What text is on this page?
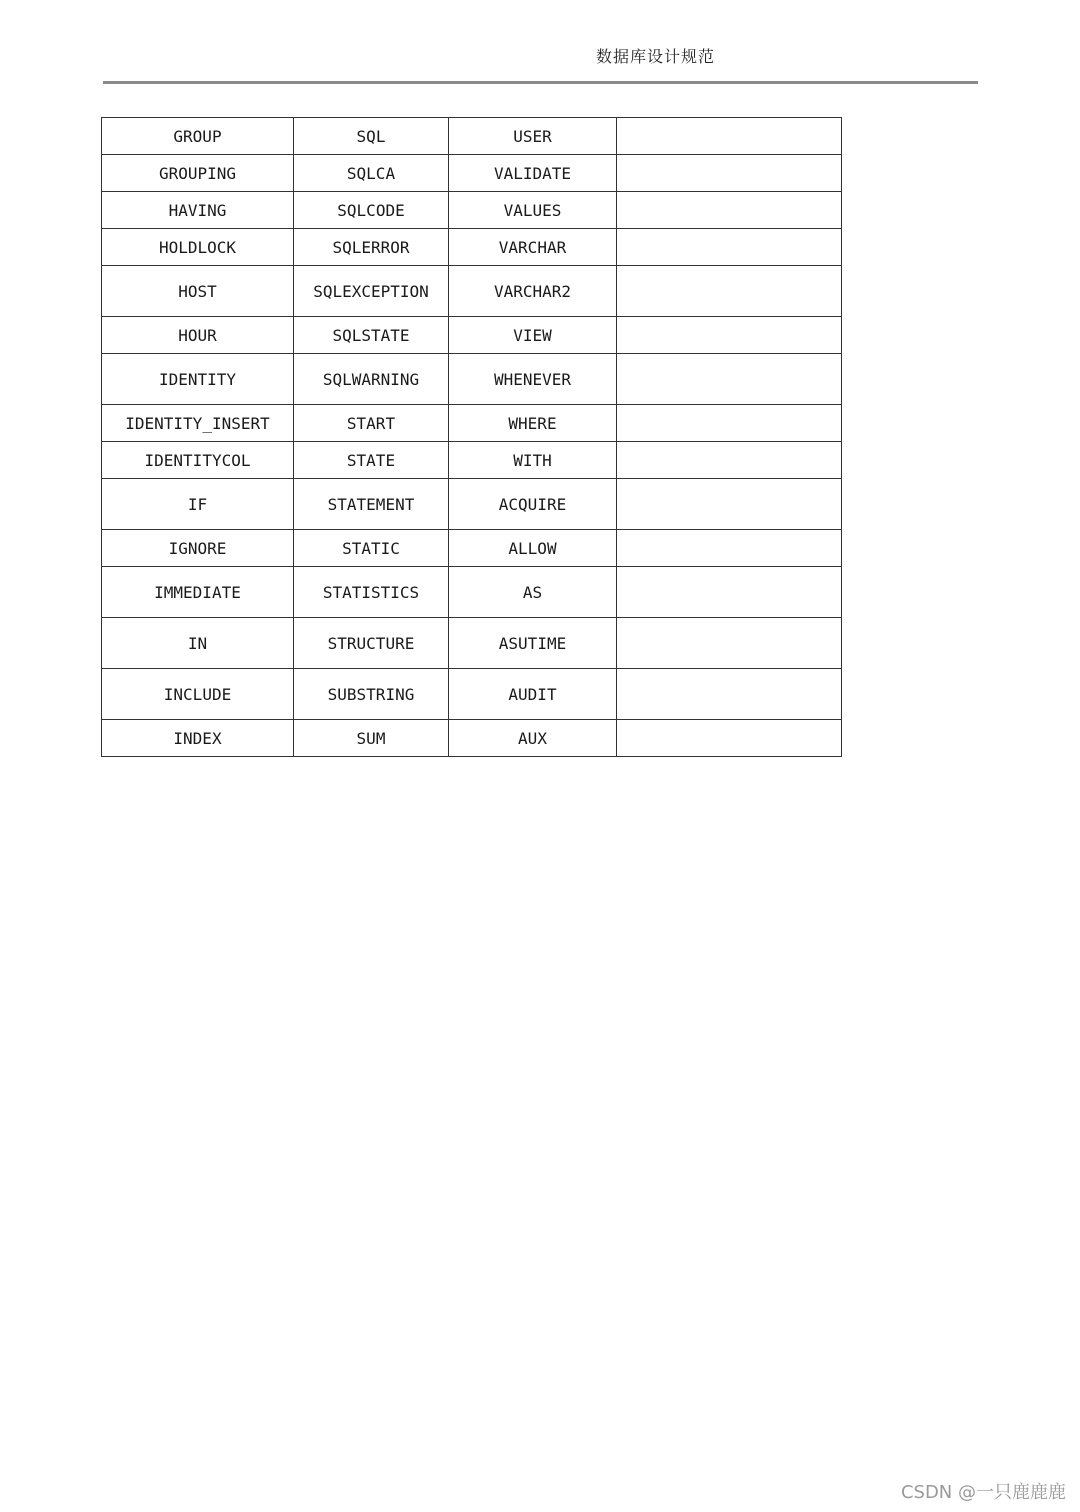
数据库设计规范
GROUP	SQL	USER	
GROUPING	SQLCA	VALIDATE	
HAVING	SQLCODE	VALUES	
HOLDLOCK	SQLERROR	VARCHAR	
HOST	SQLEXCEPTION	VARCHAR2	
HOUR	SQLSTATE	VIEW	
IDENTITY	SQLWARNING	WHENEVER	
IDENTITY_INSERT	START	WHERE	
IDENTITYCOL	STATE	WITH	
IF	STATEMENT	ACQUIRE	
IGNORE	STATIC	ALLOW	
IMMEDIATE	STATISTICS	AS	
IN	STRUCTURE	ASUTIME	
INCLUDE	SUBSTRING	AUDIT	
INDEX	SUM	AUX	
CSDN @一只鹿鹿鹿
